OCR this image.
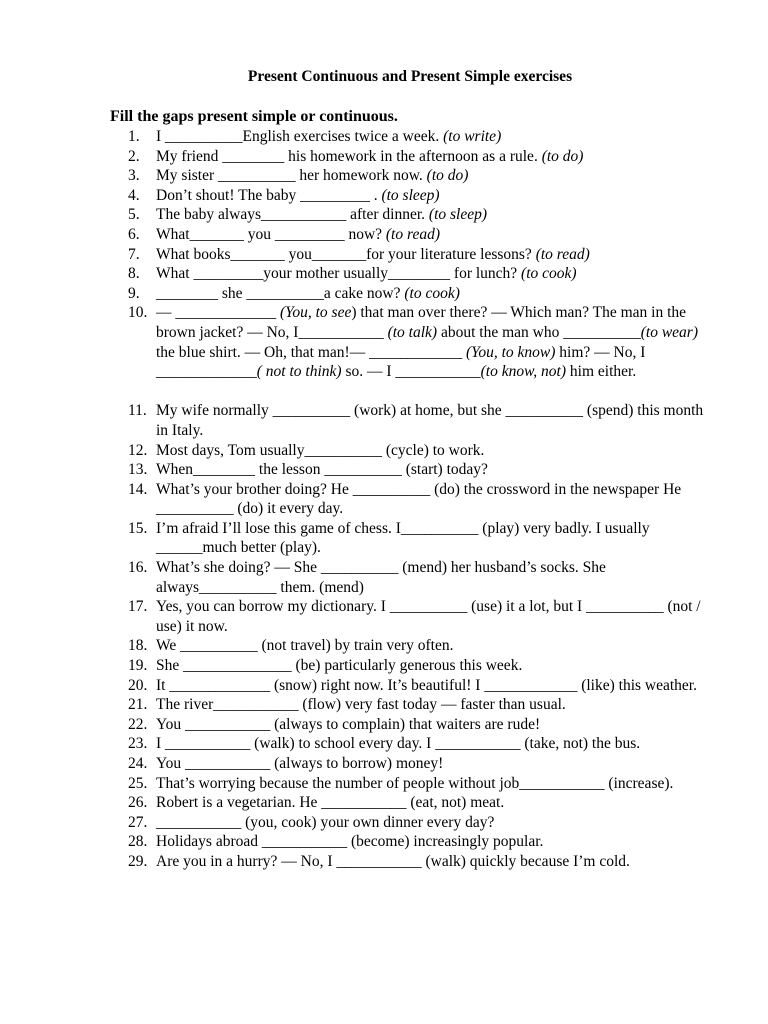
Present Continuous and Present Simple exercises
Fill the gaps present simple or continuous.
1.	I __________English exercises twice a week. (to write)
2.	My friend ________ his homework in the afternoon as a rule. (to do)
3.	My sister __________ her homework now. (to do)
4.	Don’t shout! The baby _________ . (to sleep)
5.	The baby always___________ after dinner. (to sleep)
6.	What_______ you _________ now? (to read)
7.	What books_______ you_______for your literature lessons? (to read)
8.	What _________your mother usually________ for lunch? (to cook)
9.	________ she __________a cake now? (to cook)
10. — _____________ (You, to see) that man over there? — Which man? The man in the brown jacket? — No, I___________ (to talk) about the man who __________(to wear) the blue shirt. — Oh, that man!— ____________ (You, to know) him? — No, I _____________( not to think) so. — I ___________(to know, not) him either.
11. My wife normally __________ (work) at home, but she __________ (spend) this month in Italy.
12. Most days, Tom usually__________ (cycle) to work.
13. When________ the lesson __________ (start) today?
14. What’s your brother doing? He __________ (do) the crossword in the newspaper He __________ (do) it every day.
15. I’m afraid I’ll lose this game of chess. I__________ (play) very badly. I usually ______much better (play).
16. What’s she doing? — She __________ (mend) her husband’s socks. She always__________ them. (mend)
17. Yes, you can borrow my dictionary. I __________ (use) it a lot, but I __________ (not / use) it now.
18. We __________ (not travel) by train very often.
19. She ______________ (be) particularly generous this week.
20. It _____________ (snow) right now. It’s beautiful! I ____________ (like) this weather.
21. The river___________ (flow) very fast today — faster than usual.
22. You ___________ (always to complain) that waiters are rude!
23. I ___________ (walk) to school every day. I ___________ (take, not) the bus.
24. You ___________ (always to borrow) money!
25. That’s worrying because the number of people without job___________ (increase).
26. Robert is a vegetarian. He ___________ (eat, not) meat.
27. ___________ (you, cook) your own dinner every day?
28. Holidays abroad ___________ (become) increasingly popular.
29. Are you in a hurry? — No, I ___________ (walk) quickly because I’m cold.
